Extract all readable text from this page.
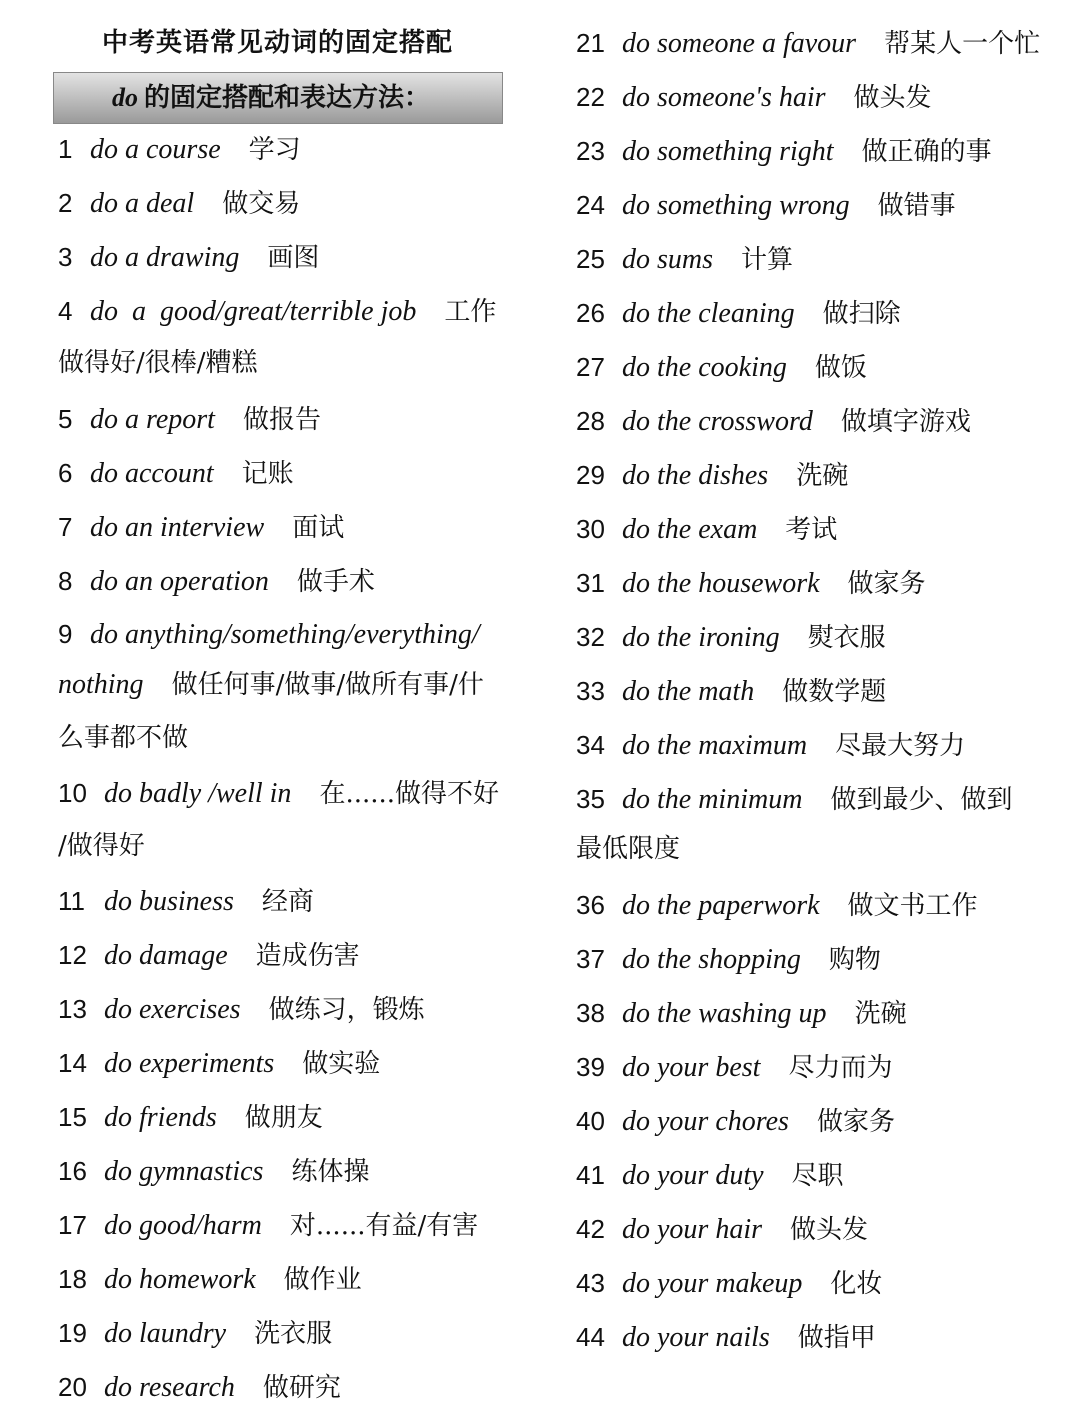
中考英语常见动词的固定搭配
do 的固定搭配和表达方法：
1 do a course 学习
2 do a deal 做交易
3 do a drawing 画图
4 do  a  good/great/terrible job 工作
5 do a report 做报告
6 do account 记账
7 do an interview 面试
8 do an operation 做手术
9 do anything/something/everything/
10 do badly /well in 在......做得不好
11 do business 经商
12 do damage 造成伤害
13 do exercises 做练习，锻炼
14 do experiments 做实验
15 do friends 做朋友
16 do gymnastics 练体操
17 do good/harm 对......有益/有害
18 do homework 做作业
19 do laundry 洗衣服
20 do research 做研究
21 do someone a favour 帮某人一个忙
22 do someone's hair 做头发
23 do something right 做正确的事
24 do something wrong 做错事
25 do sums 计算
26 do the cleaning 做扫除
27 do the cooking 做饭
28 do the crossword 做填字游戏
29 do the dishes 洗碗
30 do the exam 考试
31 do the housework 做家务
32 do the ironing 熨衣服
33 do the math 做数学题
34 do the maximum 尽最大努力
35 do the minimum 做到最少、做到
36 do the paperwork 做文书工作
37 do the shopping 购物
38 do the washing up 洗碗
39 do your best 尽力而为
40 do your chores 做家务
41 do your duty 尽职
42 do your hair 做头发
43 do your makeup 化妆
44 do your nails 做指甲
做得好/很棒/糟糕
nothing 做任何事/做事/做所有事/什
么事都不做
/做得好	最低限度
